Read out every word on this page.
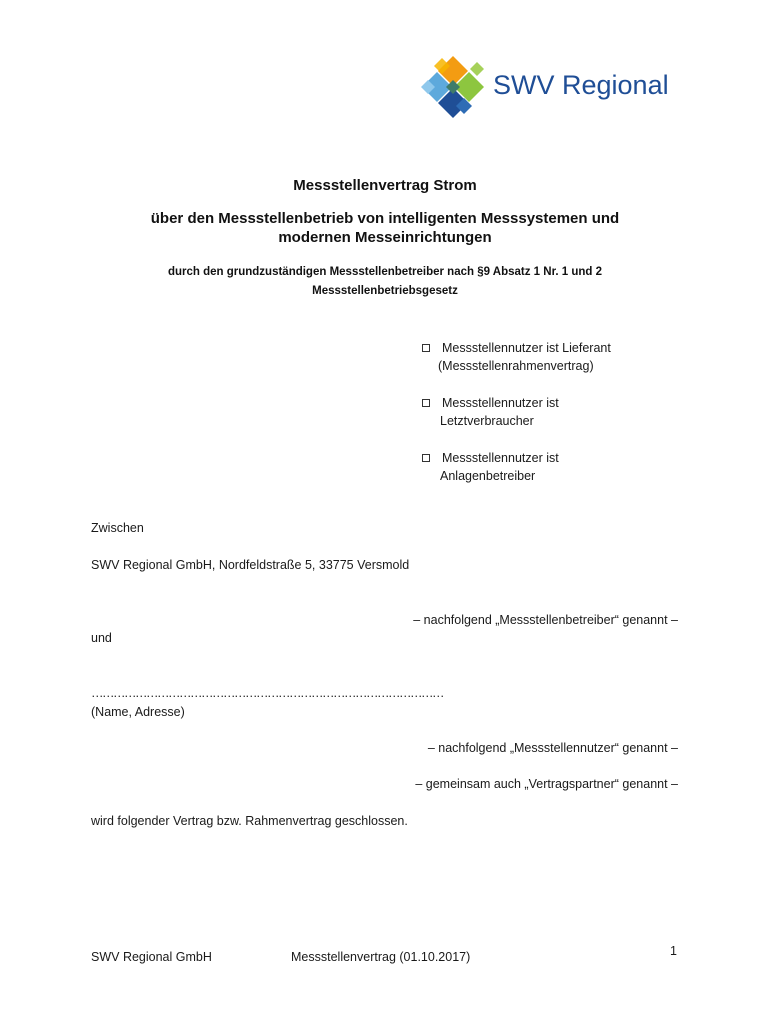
SWV Regional
Messstellenvertrag Strom
über den Messstellenbetrieb von intelligenten Messsystemen und
modernen Messeinrichtungen
durch den grundzuständigen Messstellenbetreiber nach §9 Absatz 1 Nr. 1 und 2
Messstellenbetriebsgesetz
Messstellennutzer ist Lieferant
(Messstellenrahmenvertrag)
Messstellennutzer ist
Letztverbraucher
Messstellennutzer ist
Anlagenbetreiber
Zwischen
SWV Regional GmbH, Nordfeldstraße 5, 33775 Versmold
– nachfolgend „Messstellenbetreiber“ genannt –
und
……………………………………………………………………………………
(Name, Adresse)
– nachfolgend „Messstellennutzer“ genannt –
– gemeinsam auch „Vertragspartner“ genannt –
wird folgender Vertrag bzw. Rahmenvertrag geschlossen.
SWV Regional GmbH	Messstellenvertrag (01.10.2017)	1
